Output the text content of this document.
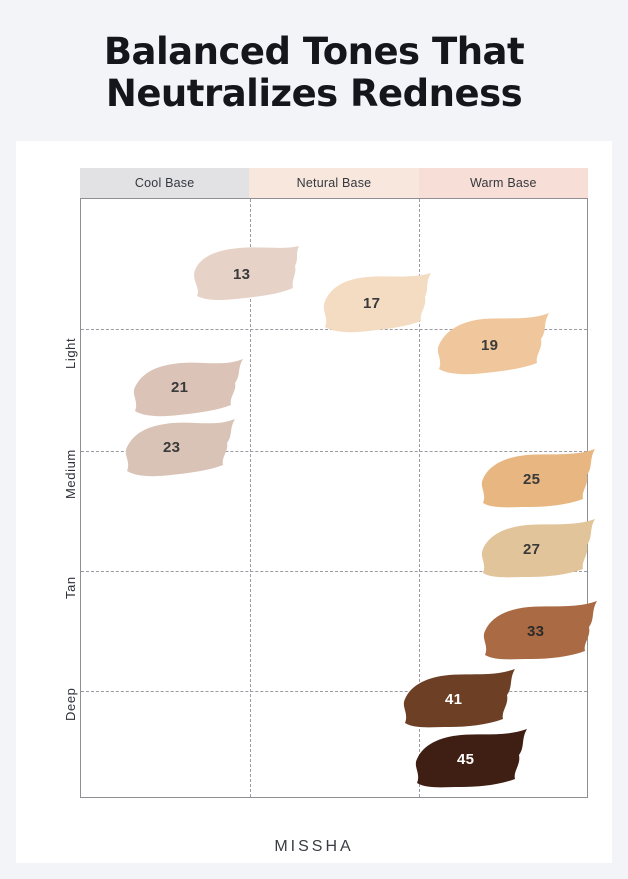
Balanced Tones That
Neutralizes Redness
Cool Base	Netural Base	Warm Base
13
17
19
21
23
25
27
33
41
45
Light
Medium
Tan
Deep
MISSHA
